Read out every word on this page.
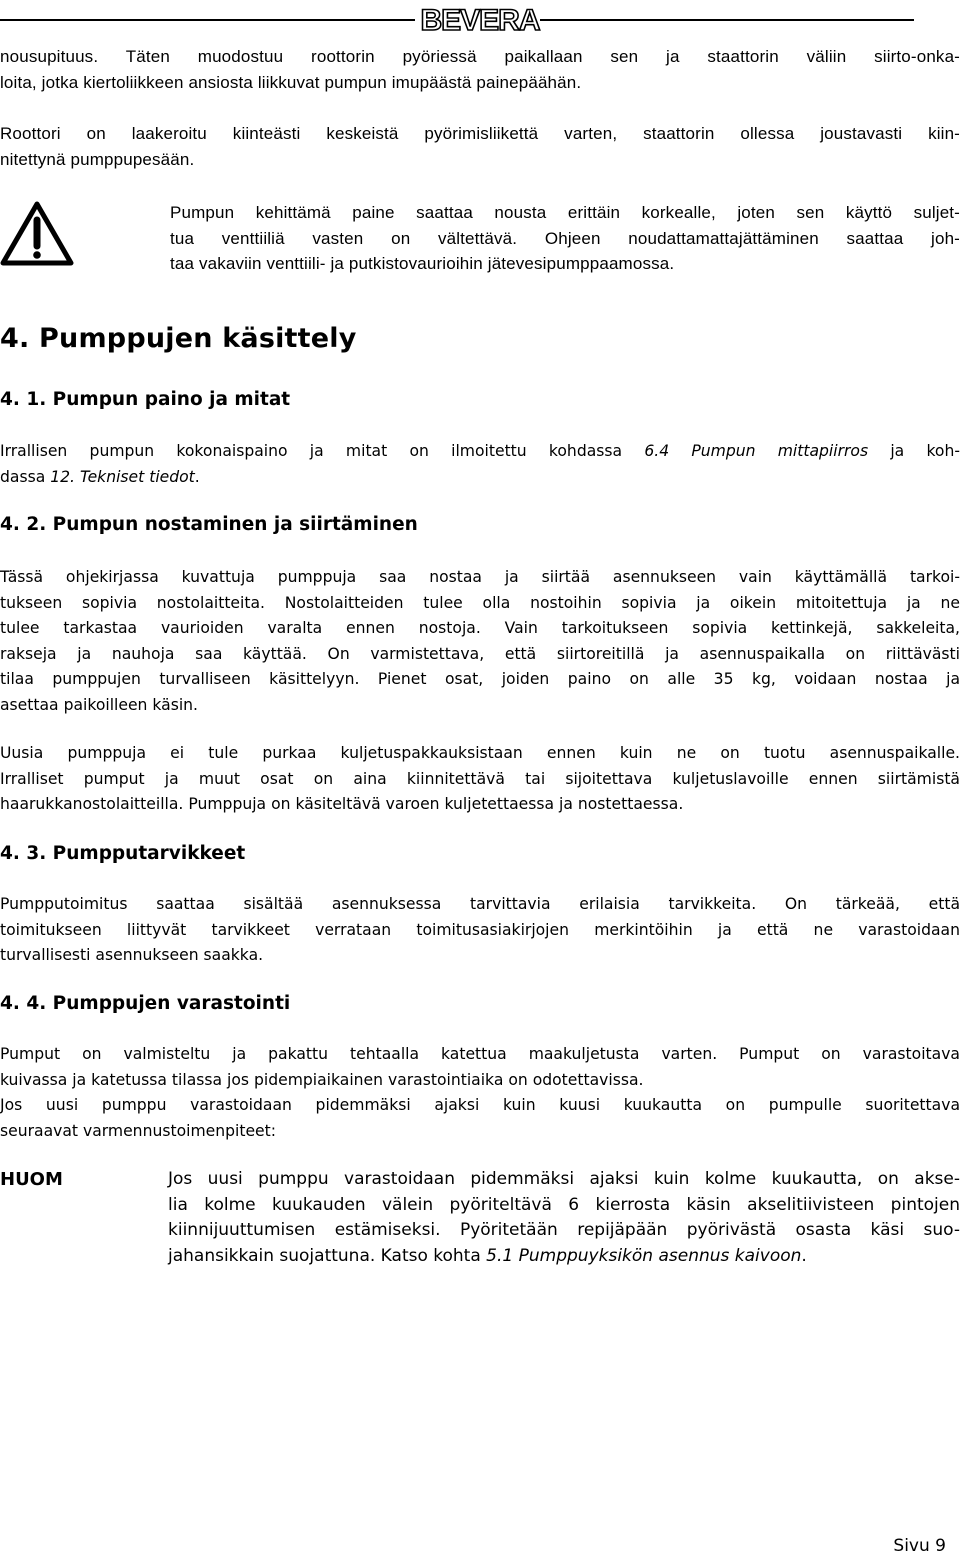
BEVERA
nousupituus. Täten muodostuu roottorin pyöriessä paikallaan sen ja staattorin väliin siirto-onka-
loita, jotka kiertoliikkeen ansiosta liikkuvat pumpun imupäästä painepäähän.
Roottori on laakeroitu kiinteästi keskeistä pyörimisliikettä varten, staattorin ollessa joustavasti kiin-
nitettynä pumppupesään.
Pumpun kehittämä paine saattaa nousta erittäin korkealle, joten sen käyttö suljet-
tua venttiiliä vasten on vältettävä. Ohjeen noudattamattajättäminen saattaa joh-
taa vakaviin venttiili- ja putkistovaurioihin jätevesipumppaamossa.
4. Pumppujen käsittely
4. 1. Pumpun paino ja mitat
Irrallisen pumpun kokonaispaino ja mitat on ilmoitettu kohdassa 6.4 Pumpun mittapiirros ja koh-
dassa 12. Tekniset tiedot.
4. 2. Pumpun nostaminen ja siirtäminen
Tässä ohjekirjassa kuvattuja pumppuja saa nostaa ja siirtää asennukseen vain käyttämällä tarkoi-
tukseen sopivia nostolaitteita. Nostolaitteiden tulee olla nostoihin sopivia ja oikein mitoitettuja ja ne
tulee tarkastaa vaurioiden varalta ennen nostoja. Vain tarkoitukseen sopivia kettinkejä, sakkeleita,
rakseja ja nauhoja saa käyttää. On varmistettava, että siirtoreitillä ja asennuspaikalla on riittävästi
tilaa pumppujen turvalliseen käsittelyyn. Pienet osat, joiden paino on alle 35 kg, voidaan nostaa ja
asettaa paikoilleen käsin.
Uusia pumppuja ei tule purkaa kuljetuspakkauksistaan ennen kuin ne on tuotu asennuspaikalle.
Irralliset pumput ja muut osat on aina kiinnitettävä tai sijoitettava kuljetuslavoille ennen siirtämistä
haarukkanostolaitteilla. Pumppuja on käsiteltävä varoen kuljetettaessa ja nostettaessa.
4. 3. Pumpputarvikkeet
Pumpputoimitus saattaa sisältää asennuksessa tarvittavia erilaisia tarvikkeita. On tärkeää, että
toimitukseen liittyvät tarvikkeet verrataan toimitusasiakirjojen merkintöihin ja että ne varastoidaan
turvallisesti asennukseen saakka.
4. 4. Pumppujen varastointi
Pumput on valmisteltu ja pakattu tehtaalla katettua maakuljetusta varten. Pumput on varastoitava
kuivassa ja katetussa tilassa jos pidempiaikainen varastointiaika on odotettavissa.
Jos uusi pumppu varastoidaan pidemmäksi ajaksi kuin kuusi kuukautta on pumpulle suoritettava
seuraavat varmennustoimenpiteet:
HUOM	Jos uusi pumppu varastoidaan pidemmäksi ajaksi kuin kolme kuukautta, on akse-
lia kolme kuukauden välein pyöriteltävä 6 kierrosta käsin akselitiivisteen pintojen
kiinnijuuttumisen estämiseksi. Pyöritetään repijäpään pyörivästä osasta käsi suo-
jahansikkain suojattuna. Katso kohta 5.1 Pumppuyksikön asennus kaivoon.
Sivu 9
